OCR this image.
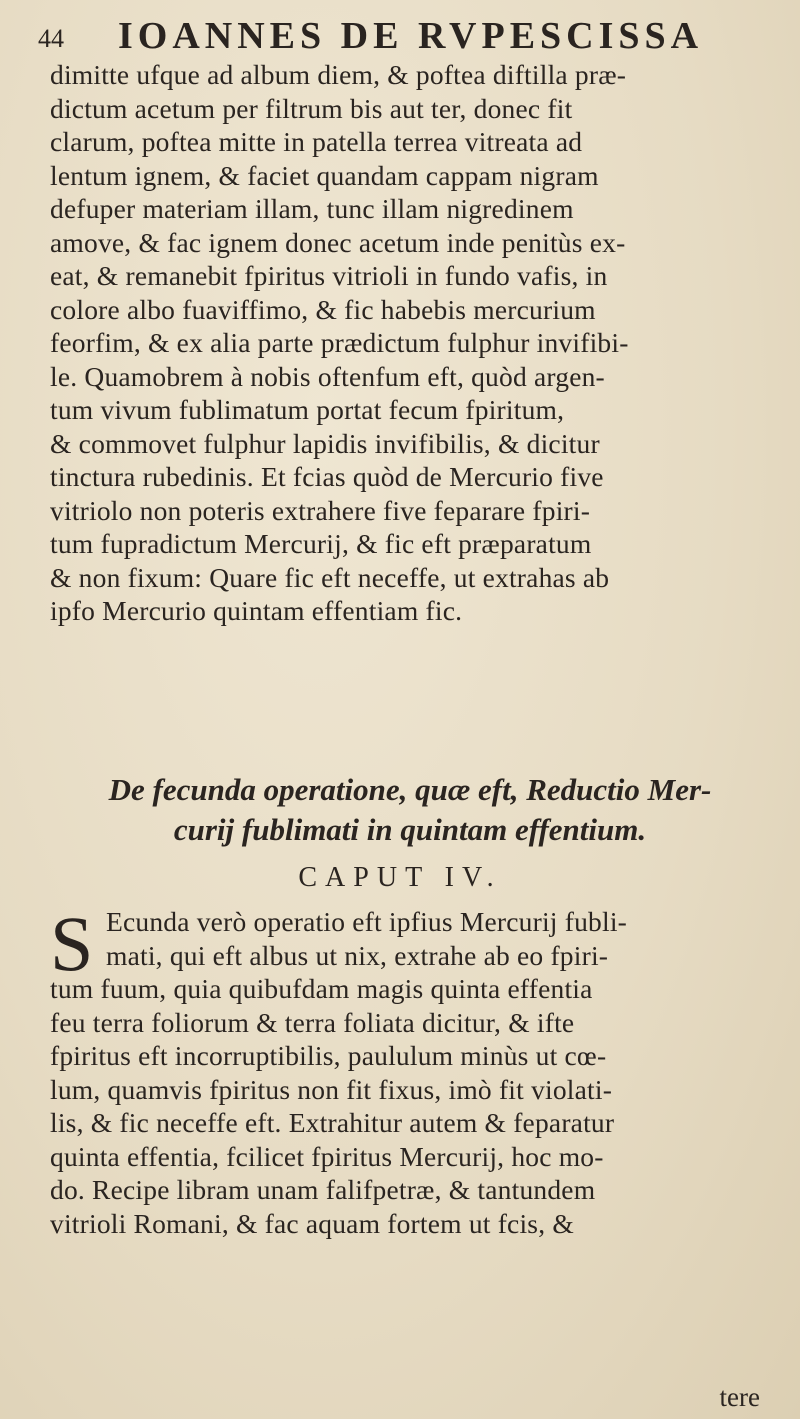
44 IOANNES DE RVPESCISSA
dimitte ufque ad album diem, & poftea diftilla præ-
dictum acetum per filtrum bis aut ter, donec fit
clarum, poftea mitte in patella terrea vitreata ad
lentum ignem, & faciet quandam cappam nigram
defuper materiam illam, tunc illam nigredinem
amove, & fac ignem donec acetum inde penitùs ex-
eat, & remanebit fpiritus vitrioli in fundo vafis, in
colore albo fuaviffimo, & fic habebis mercurium
feorfim, & ex alia parte prædictum fulphur invifibi-
le. Quamobrem à nobis oftenfum eft, quòd argen-
tum vivum fublimatum portat fecum fpiritum,
& commovet fulphur lapidis invifibilis, & dicitur
tinctura rubedinis. Et fcias quòd de Mercurio five
vitriolo non poteris extrahere five feparare fpiri-
tum fupradictum Mercurij, & fic eft præparatum
& non fixum: Quare fic eft neceffe, ut extrahas ab
ipfo Mercurio quintam effentiam fic.
De fecunda operatione, quæ eft, Reductio Mer-
curij fublimati in quintam effentium.
CAPUT IV.
S Ecunda verò operatio eft ipfius Mercurij fubli-
mati, qui eft albus ut nix, extrahe ab eo fpiri-
tum fuum, quia quibufdam magis quinta effentia
feu terra foliorum & terra foliata dicitur, & ifte
fpiritus eft incorruptibilis, paululum minùs ut cœ-
lum, quamvis fpiritus non fit fixus, imò fit violati-
lis, & fic neceffe eft. Extrahitur autem & feparatur
quinta effentia, fcilicet fpiritus Mercurij, hoc mo-
do. Recipe libram unam falifpetræ, & tantundem
vitrioli Romani, & fac aquam fortem ut fcis, &
tere
